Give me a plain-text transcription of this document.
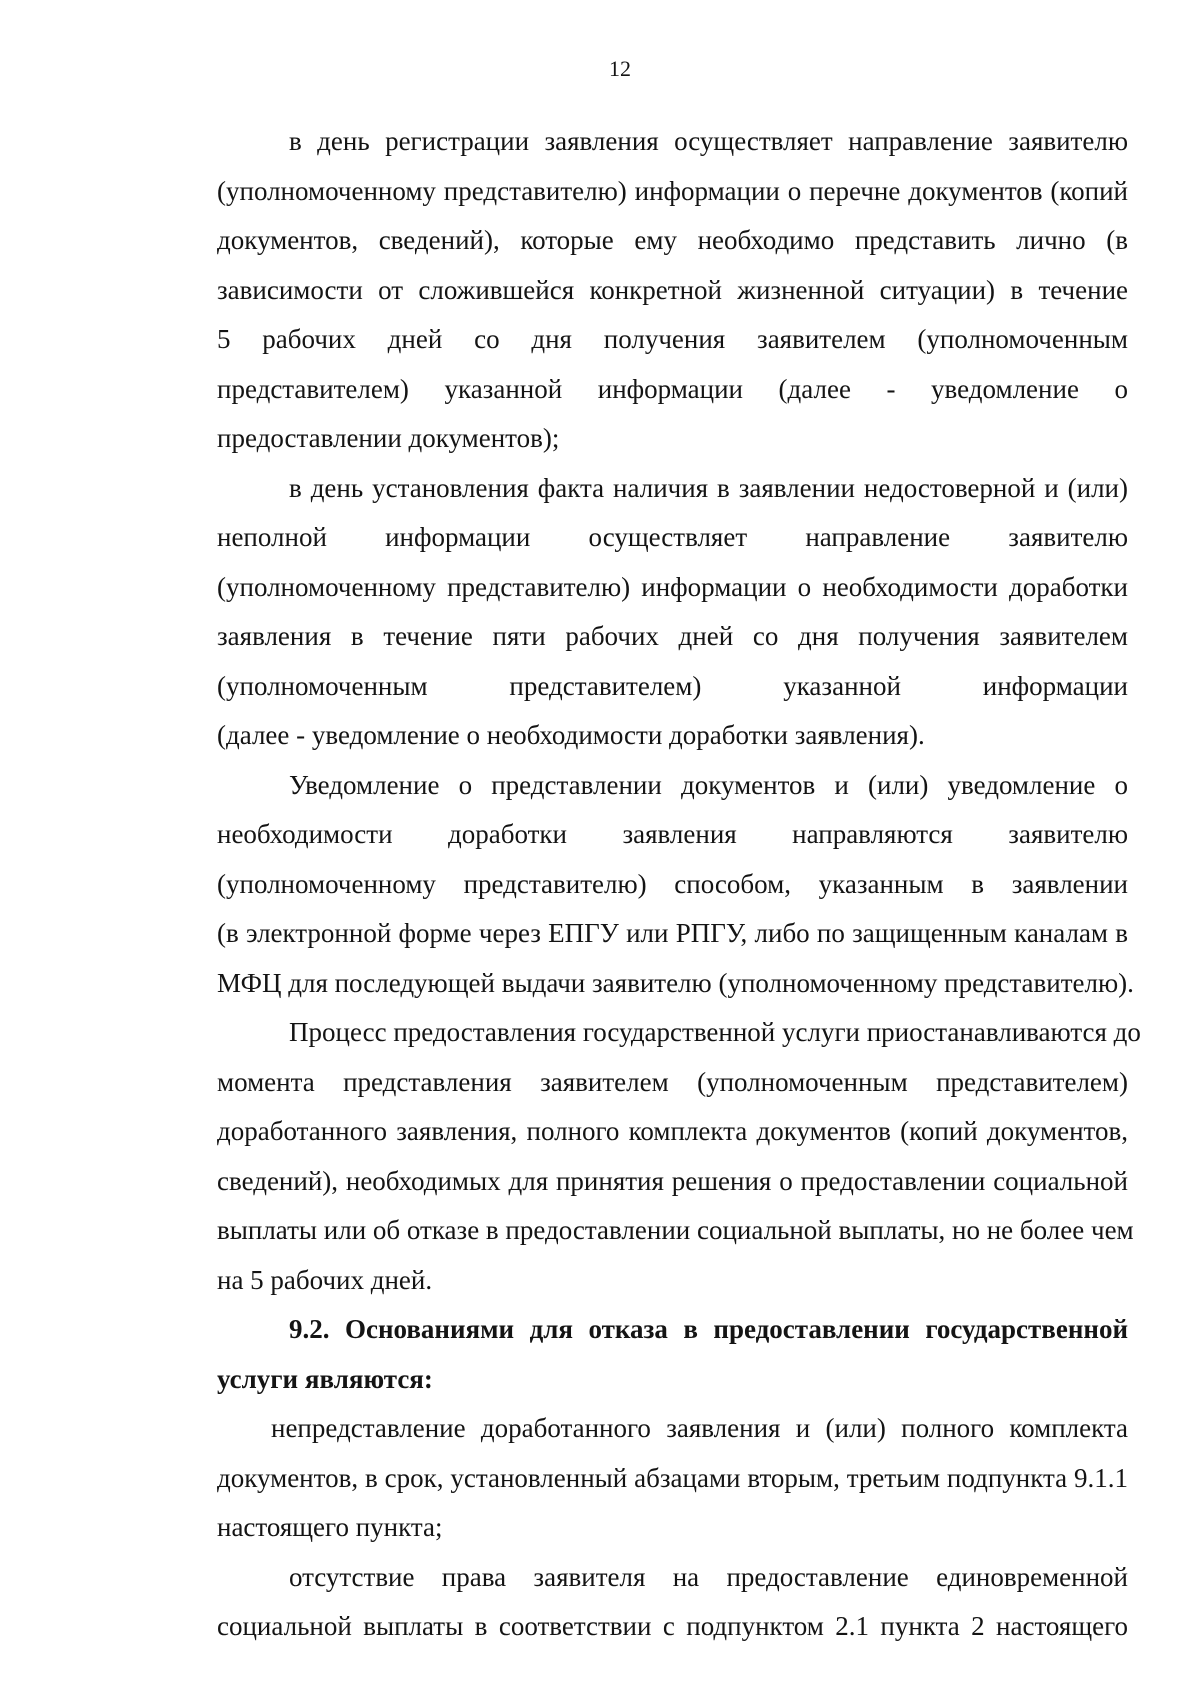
12
в день регистрации заявления осуществляет направление заявителю
(уполномоченному представителю) информации о перечне документов (копий
документов, сведений), которые ему необходимо представить лично (в
зависимости от сложившейся конкретной жизненной ситуации) в течение
5 рабочих дней со дня получения заявителем (уполномоченным
представителем) указанной информации (далее - уведомление о
предоставлении документов);
в день установления факта наличия в заявлении недостоверной и (или)
неполной информации осуществляет направление заявителю
(уполномоченному представителю) информации о необходимости доработки
заявления в течение пяти рабочих дней со дня получения заявителем
(уполномоченным представителем) указанной информации
(далее - уведомление о необходимости доработки заявления).
Уведомление о представлении документов и (или) уведомление о
необходимости доработки заявления направляются заявителю
(уполномоченному представителю) способом, указанным в заявлении
(в электронной форме через ЕПГУ или РПГУ, либо по защищенным каналам в
МФЦ для последующей выдачи заявителю (уполномоченному представителю).
Процесс предоставления государственной услуги приостанавливаются до
момента представления заявителем (уполномоченным представителем)
доработанного заявления, полного комплекта документов (копий документов,
сведений), необходимых для принятия решения о предоставлении социальной
выплаты или об отказе в предоставлении социальной выплаты, но не более чем
на 5 рабочих дней.
9.2. Основаниями для отказа в предоставлении государственной
услуги являются:
непредставление доработанного заявления и (или) полного комплекта
документов, в срок, установленный абзацами вторым, третьим подпункта 9.1.1
настоящего пункта;
отсутствие права заявителя на предоставление единовременной
социальной выплаты в соответствии с подпунктом 2.1 пункта 2 настоящего
